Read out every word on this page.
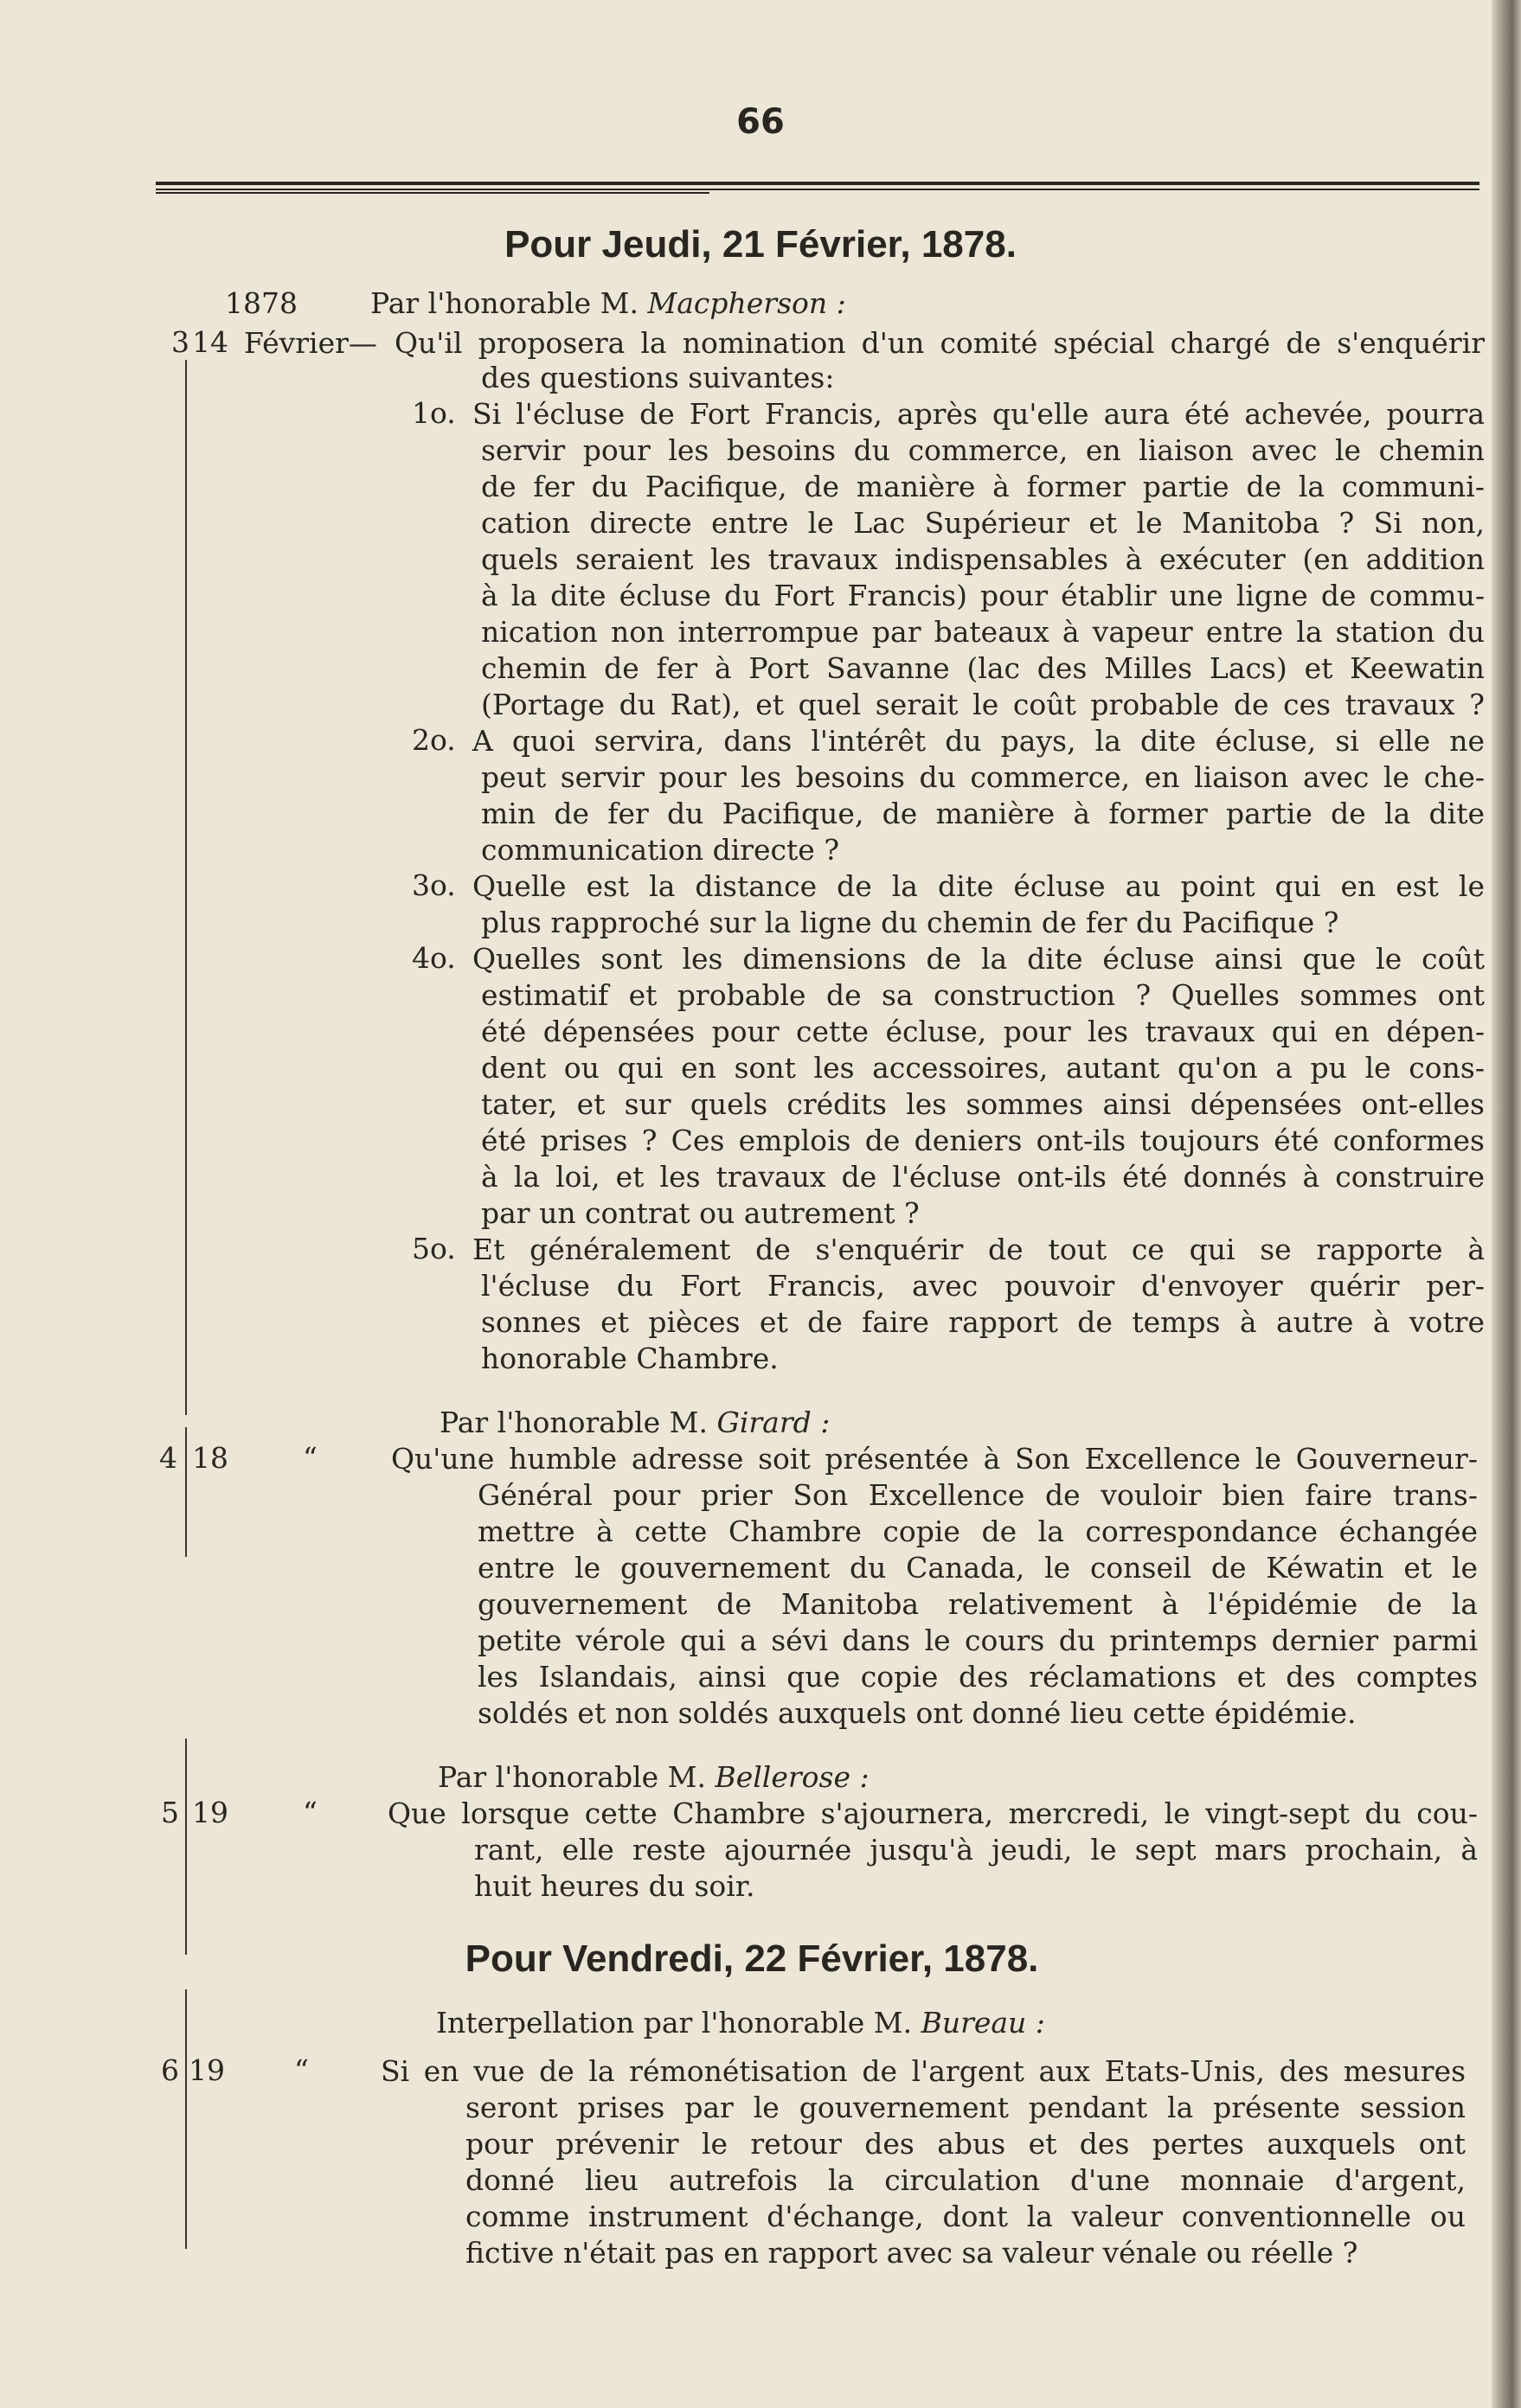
66
Pour Jeudi, 21 Février, 1878.
1878	Par l'honorable M. Macpherson :
3 14 Février— Qu'il proposera la nomination d'un comité spécial chargé de s'enquérir
des questions suivantes:
1o. Si l'écluse de Fort Francis, après qu'elle aura été achevée, pourra
servir pour les besoins du commerce, en liaison avec le chemin
de fer du Pacifique, de manière à former partie de la communi-
cation directe entre le Lac Supérieur et le Manitoba ? Si non,
quels seraient les travaux indispensables à exécuter (en addition
à la dite écluse du Fort Francis) pour établir une ligne de commu-
nication non interrompue par bateaux à vapeur entre la station du
chemin de fer à Port Savanne (lac des Milles Lacs) et Keewatin
(Portage du Rat), et quel serait le coût probable de ces travaux ?
2o. A quoi servira, dans l'intérêt du pays, la dite écluse, si elle ne
peut servir pour les besoins du commerce, en liaison avec le che-
min de fer du Pacifique, de manière à former partie de la dite
communication directe ?
3o. Quelle est la distance de la dite écluse au point qui en est le
plus rapproché sur la ligne du chemin de fer du Pacifique ?
4o. Quelles sont les dimensions de la dite écluse ainsi que le coût
estimatif et probable de sa construction ? Quelles sommes ont
été dépensées pour cette écluse, pour les travaux qui en dépen-
dent ou qui en sont les accessoires, autant qu'on a pu le cons-
tater, et sur quels crédits les sommes ainsi dépensées ont-elles
été prises ? Ces emplois de deniers ont-ils toujours été conformes
à la loi, et les travaux de l'écluse ont-ils été donnés à construire
par un contrat ou autrement ?
5o. Et généralement de s'enquérir de tout ce qui se rapporte à
l'écluse du Fort Francis, avec pouvoir d'envoyer quérir per-
sonnes et pièces et de faire rapport de temps à autre à votre
honorable Chambre.
Par l'honorable M. Girard :
4 18	“	Qu'une humble adresse soit présentée à Son Excellence le Gouverneur-
Général pour prier Son Excellence de vouloir bien faire trans-
mettre à cette Chambre copie de la correspondance échangée
entre le gouvernement du Canada, le conseil de Kéwatin et le
gouvernement de Manitoba relativement à l'épidémie de la
petite vérole qui a sévi dans le cours du printemps dernier parmi
les Islandais, ainsi que copie des réclamations et des comptes
soldés et non soldés auxquels ont donné lieu cette épidémie.
Par l'honorable M. Bellerose :
5 19	“ Que lorsque cette Chambre s'ajournera, mercredi, le vingt-sept du cou-
rant, elle reste ajournée jusqu'à jeudi, le sept mars prochain, à
huit heures du soir.
Pour Vendredi, 22 Février, 1878.
Interpellation par l'honorable M. Bureau :
6 19 “	Si en vue de la rémonétisation de l'argent aux Etats-Unis, des mesures
seront prises par le gouvernement pendant la présente session
pour prévenir le retour des abus et des pertes auxquels ont
donné lieu autrefois la circulation d'une monnaie d'argent,
comme instrument d'échange, dont la valeur conventionnelle ou
fictive n'était pas en rapport avec sa valeur vénale ou réelle ?
